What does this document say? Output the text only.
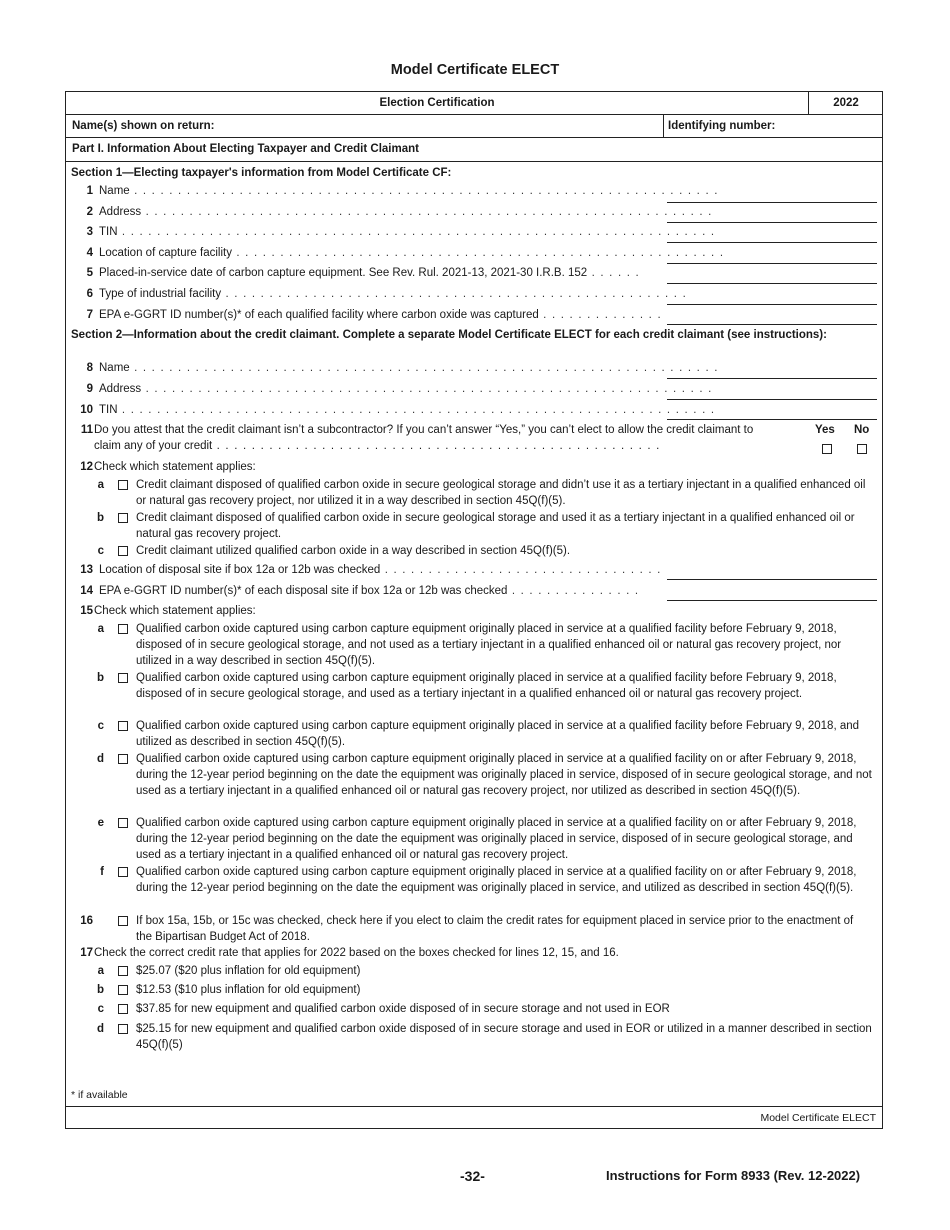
Model Certificate ELECT
Election Certification	2022
Name(s) shown on return:	Identifying number:
Part I. Information About Electing Taxpayer and Credit Claimant
Section 1—Electing taxpayer's information from Model Certificate CF:
1 Name . . . . . . . . . . . . . . . . . . . . . . . . . . . . . . . . . . . . . . . . . . . . . . . . . . . . . . . . . . . . . . . . . . .
2 Address . . . . . . . . . . . . . . . . . . . . . . . . . . . . . . . . . . . . . . . . . . . . . . . . . . . . . . . . . . . . . . . . .
3 TIN . . . . . . . . . . . . . . . . . . . . . . . . . . . . . . . . . . . . . . . . . . . . . . . . . . . . . . . . . . . . . . . . . . . .
4 Location of capture facility . . . . . . . . . . . . . . . . . . . . . . . . . . . . . . . . . . . . . . . . . . . . . . . . . . . . . . . .
5 Placed-in-service date of carbon capture equipment. See Rev. Rul. 2021-13, 2021-30 I.R.B. 152 . . . . . .
6 Type of industrial facility . . . . . . . . . . . . . . . . . . . . . . . . . . . . . . . . . . . . . . . . . . . . . . . . . . . . .
7 EPA e-GGRT ID number(s)* of each qualified facility where carbon oxide was captured . . . . . . . . . . . . . .
Section 2—Information about the credit claimant. Complete a separate Model Certificate ELECT for each credit claimant (see instructions):
8 Name . . . . . . . . . . . . . . . . . . . . . . . . . . . . . . . . . . . . . . . . . . . . . . . . . . . . . . . . . . . . . . . . . . .
9 Address . . . . . . . . . . . . . . . . . . . . . . . . . . . . . . . . . . . . . . . . . . . . . . . . . . . . . . . . . . . . . . . . .
10 TIN . . . . . . . . . . . . . . . . . . . . . . . . . . . . . . . . . . . . . . . . . . . . . . . . . . . . . . . . . . . . . . . . . . . .
11 Do you attest that the credit claimant isn’t a subcontractor? If you can’t answer “Yes,” you can’t elect to allow the credit claimant to
claim any of your credit . . . . . . . . . . . . . . . . . . . . . . . . . . . . . . . . . . . . . . . . . . . . . . . . . . .
Yes No
12 Check which statement applies:
a	Credit claimant disposed of qualified carbon oxide in secure geological storage and didn’t use it as a tertiary injectant in a qualified enhanced oil or natural gas recovery project, nor utilized it in a way described in section 45Q(f)(5).
b	Credit claimant disposed of qualified carbon oxide in secure geological storage and used it as a tertiary injectant in a qualified enhanced oil or natural gas recovery project.
c	Credit claimant utilized qualified carbon oxide in a way described in section 45Q(f)(5).
13 Location of disposal site if box 12a or 12b was checked . . . . . . . . . . . . . . . . . . . . . . . . . . . . . . . .
14 EPA e-GGRT ID number(s)* of each disposal site if box 12a or 12b was checked . . . . . . . . . . . . . . .
15 Check which statement applies:
a	Qualified carbon oxide captured using carbon capture equipment originally placed in service at a qualified facility before February 9, 2018, disposed of in secure geological storage, and not used as a tertiary injectant in a qualified enhanced oil or natural gas recovery project, nor utilized in a way described in section 45Q(f)(5).
b	Qualified carbon oxide captured using carbon capture equipment originally placed in service at a qualified facility before February 9, 2018, disposed of in secure geological storage, and used as a tertiary injectant in a qualified enhanced oil or natural gas recovery project.
c	Qualified carbon oxide captured using carbon capture equipment originally placed in service at a qualified facility before February 9, 2018, and utilized as described in section 45Q(f)(5).
d	Qualified carbon oxide captured using carbon capture equipment originally placed in service at a qualified facility on or after February 9, 2018, during the 12-year period beginning on the date the equipment was originally placed in service, disposed of in secure geological storage, and not used as a tertiary injectant in a qualified enhanced oil or natural gas recovery project, nor utilized as described in section 45Q(f)(5).
e	Qualified carbon oxide captured using carbon capture equipment originally placed in service at a qualified facility on or after February 9, 2018, during the 12-year period beginning on the date the equipment was originally placed in service, disposed of in secure geological storage, and used as a tertiary injectant in a qualified enhanced oil or natural gas recovery project.
f	Qualified carbon oxide captured using carbon capture equipment originally placed in service at a qualified facility on or after February 9, 2018, during the 12-year period beginning on the date the equipment was originally placed in service, and utilized as described in section 45Q(f)(5).
16	If box 15a, 15b, or 15c was checked, check here if you elect to claim the credit rates for equipment placed in service prior to the enactment of the Bipartisan Budget Act of 2018.
17 Check the correct credit rate that applies for 2022 based on the boxes checked for lines 12, 15, and 16.
a	$25.07 ($20 plus inflation for old equipment)
b	$12.53 ($10 plus inflation for old equipment)
c	$37.85 for new equipment and qualified carbon oxide disposed of in secure storage and not used in EOR
d	$25.15 for new equipment and qualified carbon oxide disposed of in secure storage and used in EOR or utilized in a manner described in section 45Q(f)(5)
* if available
Model Certificate ELECT
-32-	Instructions for Form 8933 (Rev. 12-2022)
